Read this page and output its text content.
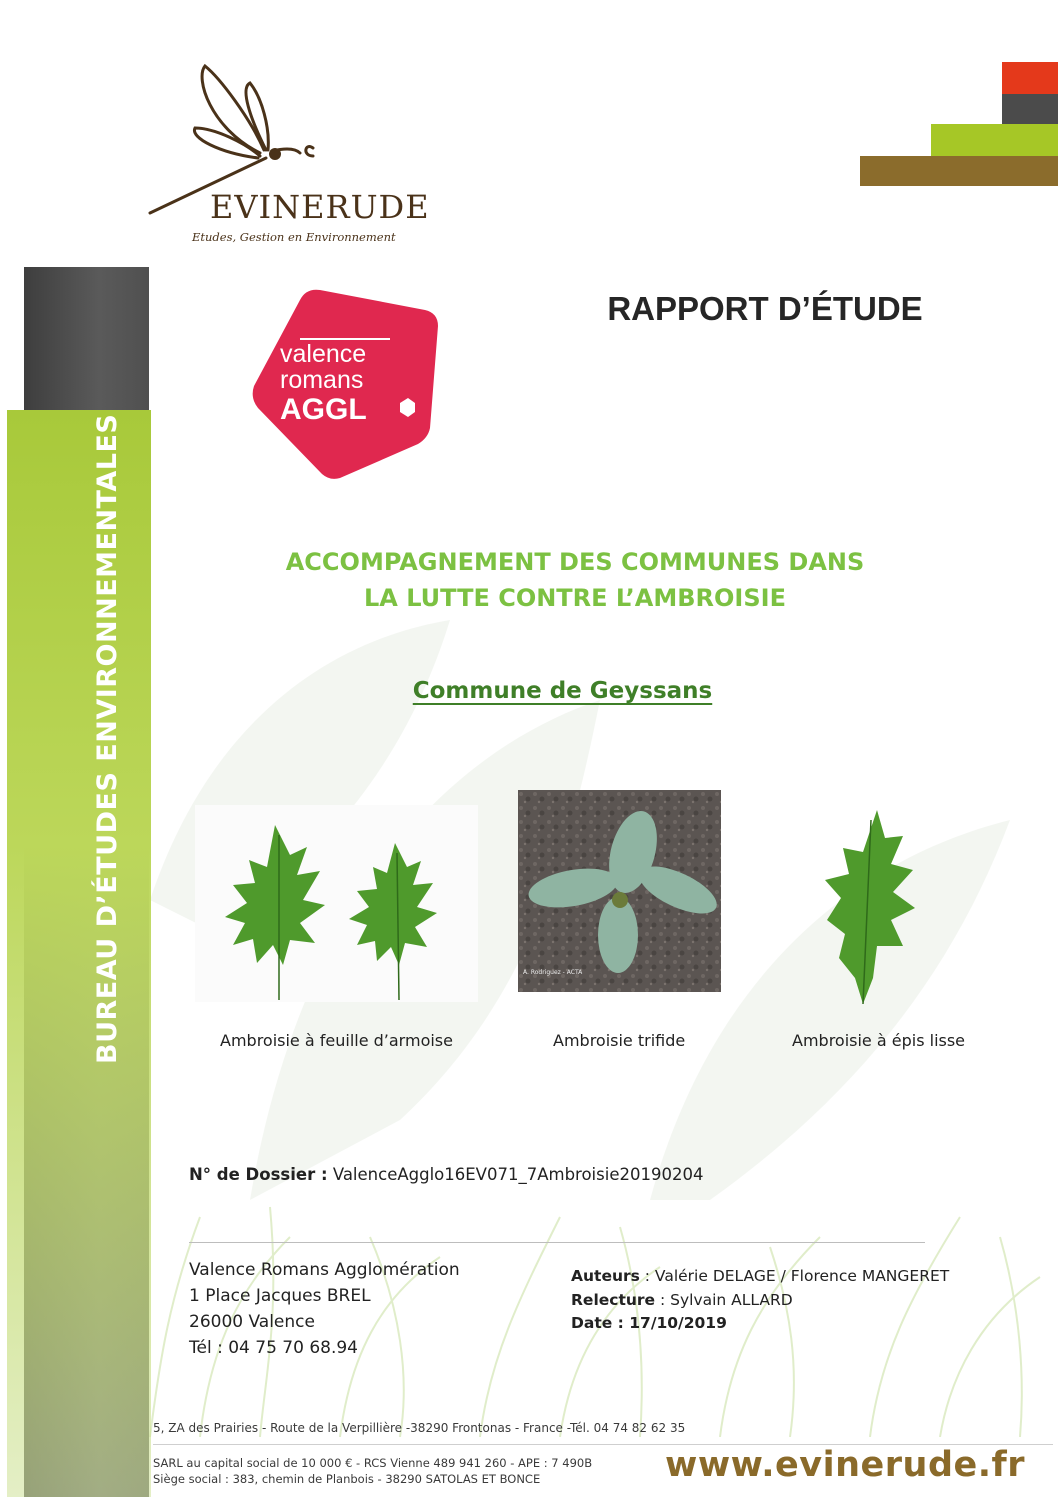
BUREAU D’ÉTUDES ENVIRONNEMENTALES
EVINERUDE
Etudes, Gestion en Environnement
valence
romans
AGGL
RAPPORT D’ÉTUDE
ACCOMPAGNEMENT DES COMMUNES DANS
LA LUTTE CONTRE L’AMBROISIE
Commune de Geyssans
A. Rodriguez - ACTA
Ambroisie à feuille d’armoise	Ambroisie trifide	Ambroisie à épis lisse
N° de Dossier : ValenceAgglo16EV071_7Ambroisie20190204
Valence Romans Agglomération
1 Place Jacques BREL
26000 Valence
Tél : 04 75 70 68.94
Auteurs : Valérie DELAGE / Florence MANGERET
Relecture : Sylvain ALLARD
Date : 17/10/2019
5, ZA des Prairies - Route de la Verpillière -38290 Frontonas - France -Tél. 04 74 82 62 35
SARL au capital social de 10 000 € - RCS Vienne 489 941 260 - APE : 7 490B
Siège social : 383, chemin de Planbois - 38290 SATOLAS ET BONCE	www.evinerude.fr
